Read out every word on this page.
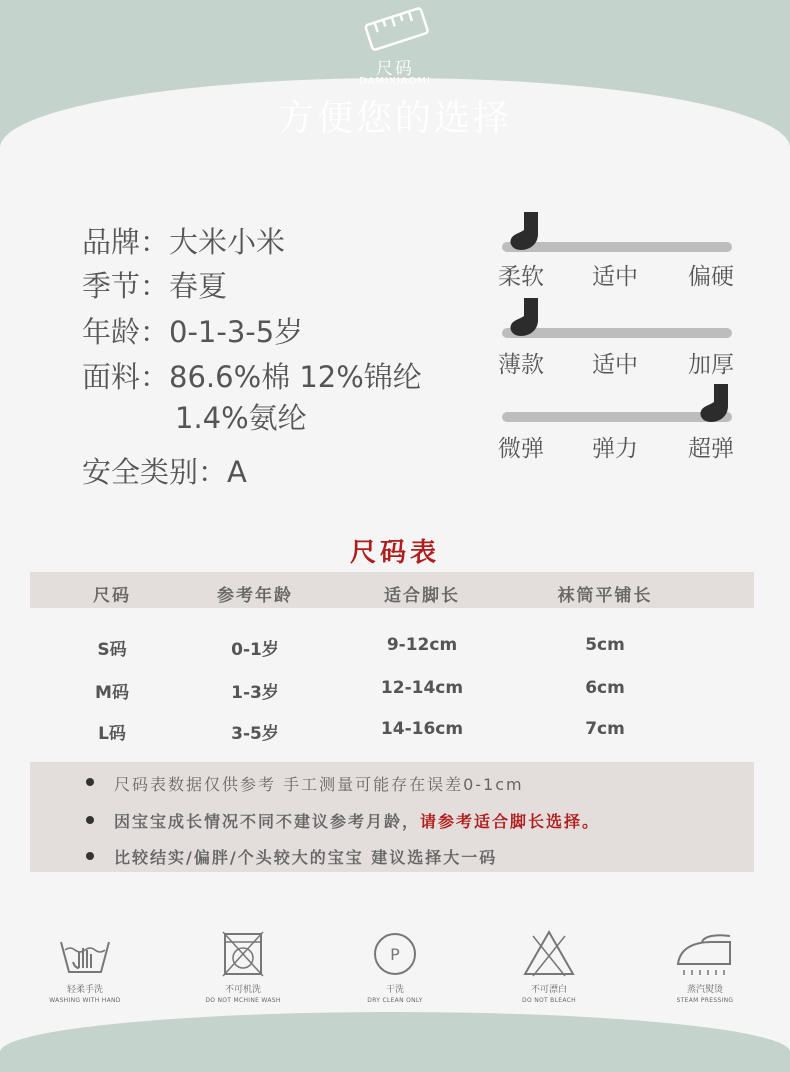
尺码
DAMIXIAOMI
方便您的选择
品牌：大米小米
季节：春夏
年龄：0-1-3-5岁
面料：86.6%棉 12%锦纶
1.4%氨纶
安全类别：A
柔软 适中 偏硬
薄款 适中 加厚
微弹 弹力 超弹
尺码表
尺码	参考年龄	适合脚长	袜筒平铺长
S码	0-1岁	9-12cm	5cm
M码	1-3岁	12-14cm	6cm
L码	3-5岁	14-16cm	7cm
尺码表数据仅供参考 手工测量可能存在误差0-1cm
因宝宝成长情况不同不建议参考月龄，请参考适合脚长选择。
比较结实/偏胖/个头较大的宝宝 建议选择大一码
轻柔手洗
WASHING WITH HAND
不可机洗
DO NOT MCHINE WASH
P
干洗
DRY CLEAN ONLY
不可漂白
DO NOT BLEACH
蒸汽熨烫
STEAM PRESSING
